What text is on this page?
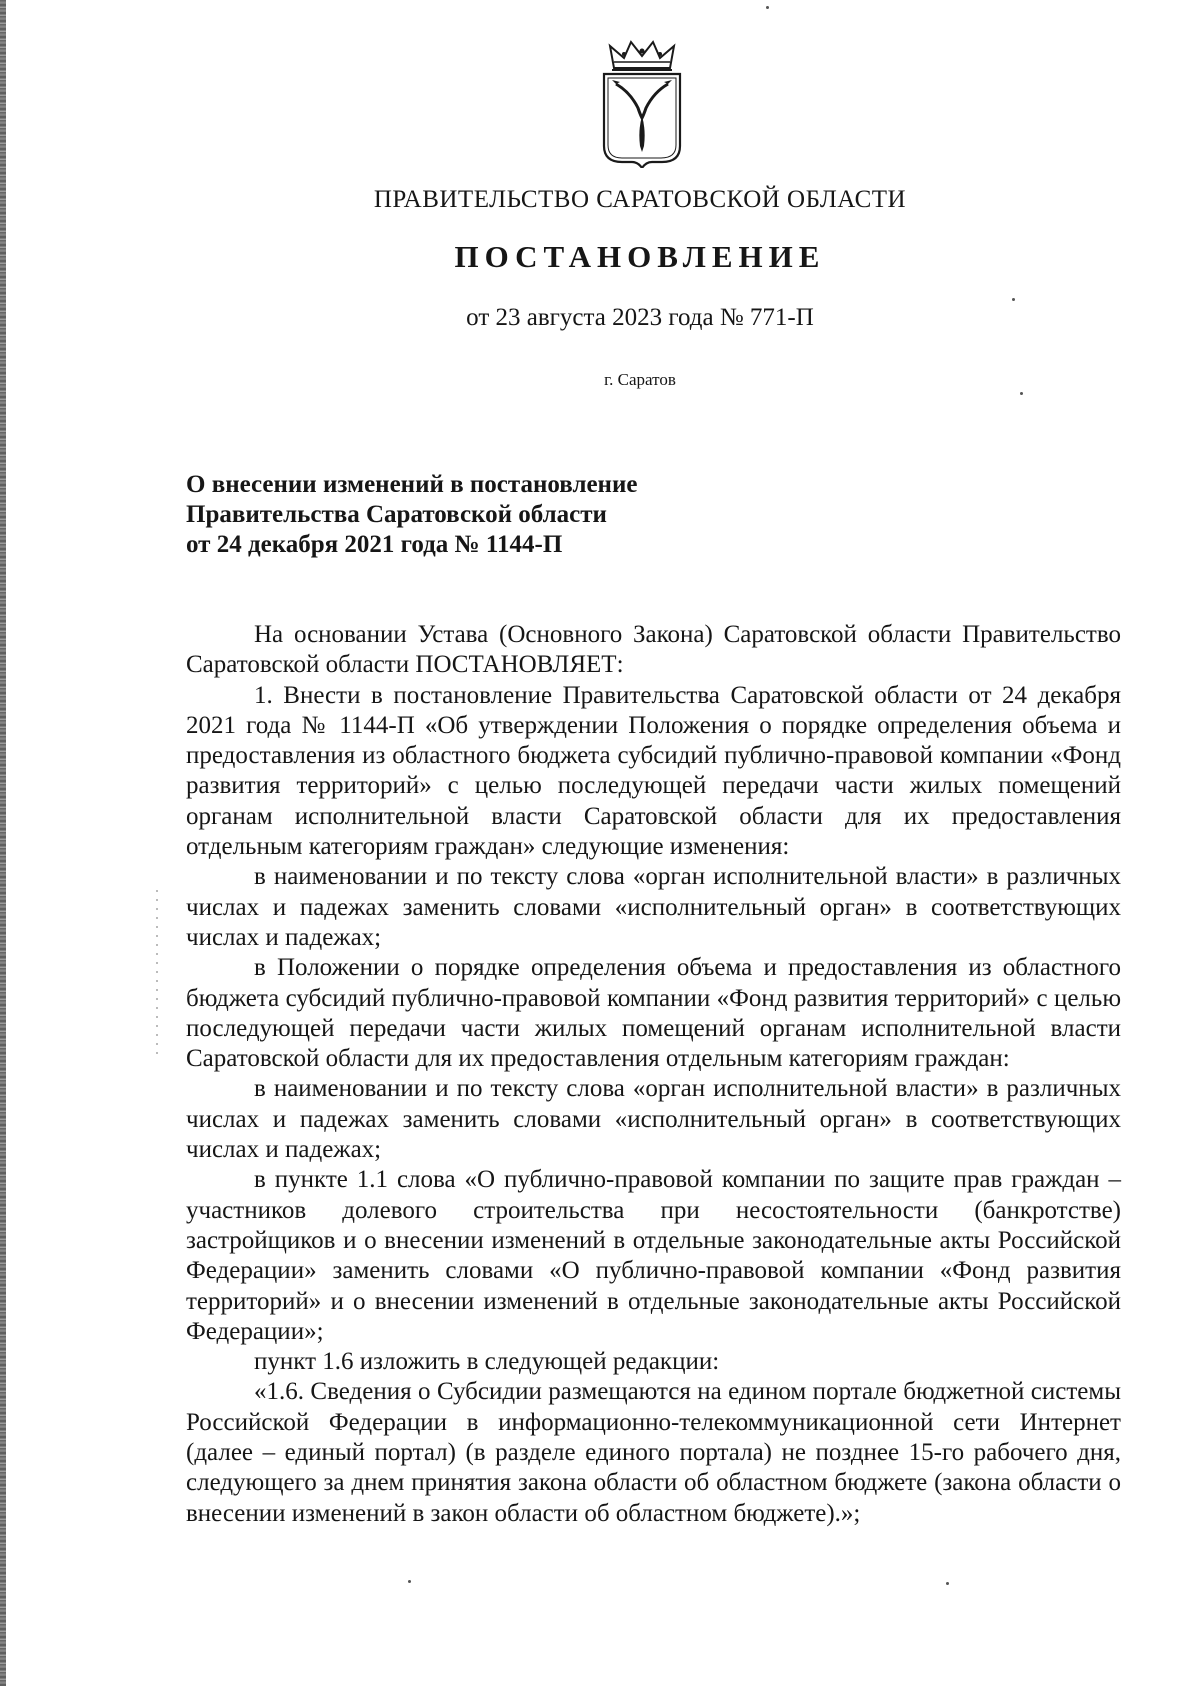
ПРАВИТЕЛЬСТВО САРАТОВСКОЙ ОБЛАСТИ
ПОСТАНОВЛЕНИЕ
от 23 августа 2023 года № 771-П
г. Саратов
О внесении изменений в постановление
Правительства Саратовской области
от 24 декабря 2021 года № 1144-П

На основании Устава (Основного Закона) Саратовской области Правительство Саратовской области ПОСТАНОВЛЯЕТ:

1. Внести в постановление Правительства Саратовской области от 24 декабря 2021 года № 1144-П «Об утверждении Положения о порядке определения объема и предоставления из областного бюджета субсидий публично-правовой компании «Фонд развития территорий» с целью последующей передачи части жилых помещений органам исполнительной власти Саратовской области для их предоставления отдельным категориям граждан» следующие изменения:

в наименовании и по тексту слова «орган исполнительной власти» в различных числах и падежах заменить словами «исполнительный орган» в соответствующих числах и падежах;

в Положении о порядке определения объема и предоставления из областного бюджета субсидий публично-правовой компании «Фонд развития территорий» с целью последующей передачи части жилых помещений органам исполнительной власти Саратовской области для их предоставления отдельным категориям граждан:

в наименовании и по тексту слова «орган исполнительной власти» в различных числах и падежах заменить словами «исполнительный орган» в соответствующих числах и падежах;

в пункте 1.1 слова «О публично-правовой компании по защите прав граждан – участников долевого строительства при несостоятельности (банкротстве) застройщиков и о внесении изменений в отдельные законодательные акты Российской Федерации» заменить словами «О публично-правовой компании «Фонд развития территорий» и о внесении изменений в отдельные законодательные акты Российской Федерации»;

пункт 1.6 изложить в следующей редакции:

«1.6. Сведения о Субсидии размещаются на едином портале бюджетной системы Российской Федерации в информационно-телекоммуникационной сети Интернет (далее – единый портал) (в разделе единого портала) не позднее 15-го рабочего дня, следующего за днем принятия закона области об областном бюджете (закона области о внесении изменений в закон области об областном бюджете).»;
